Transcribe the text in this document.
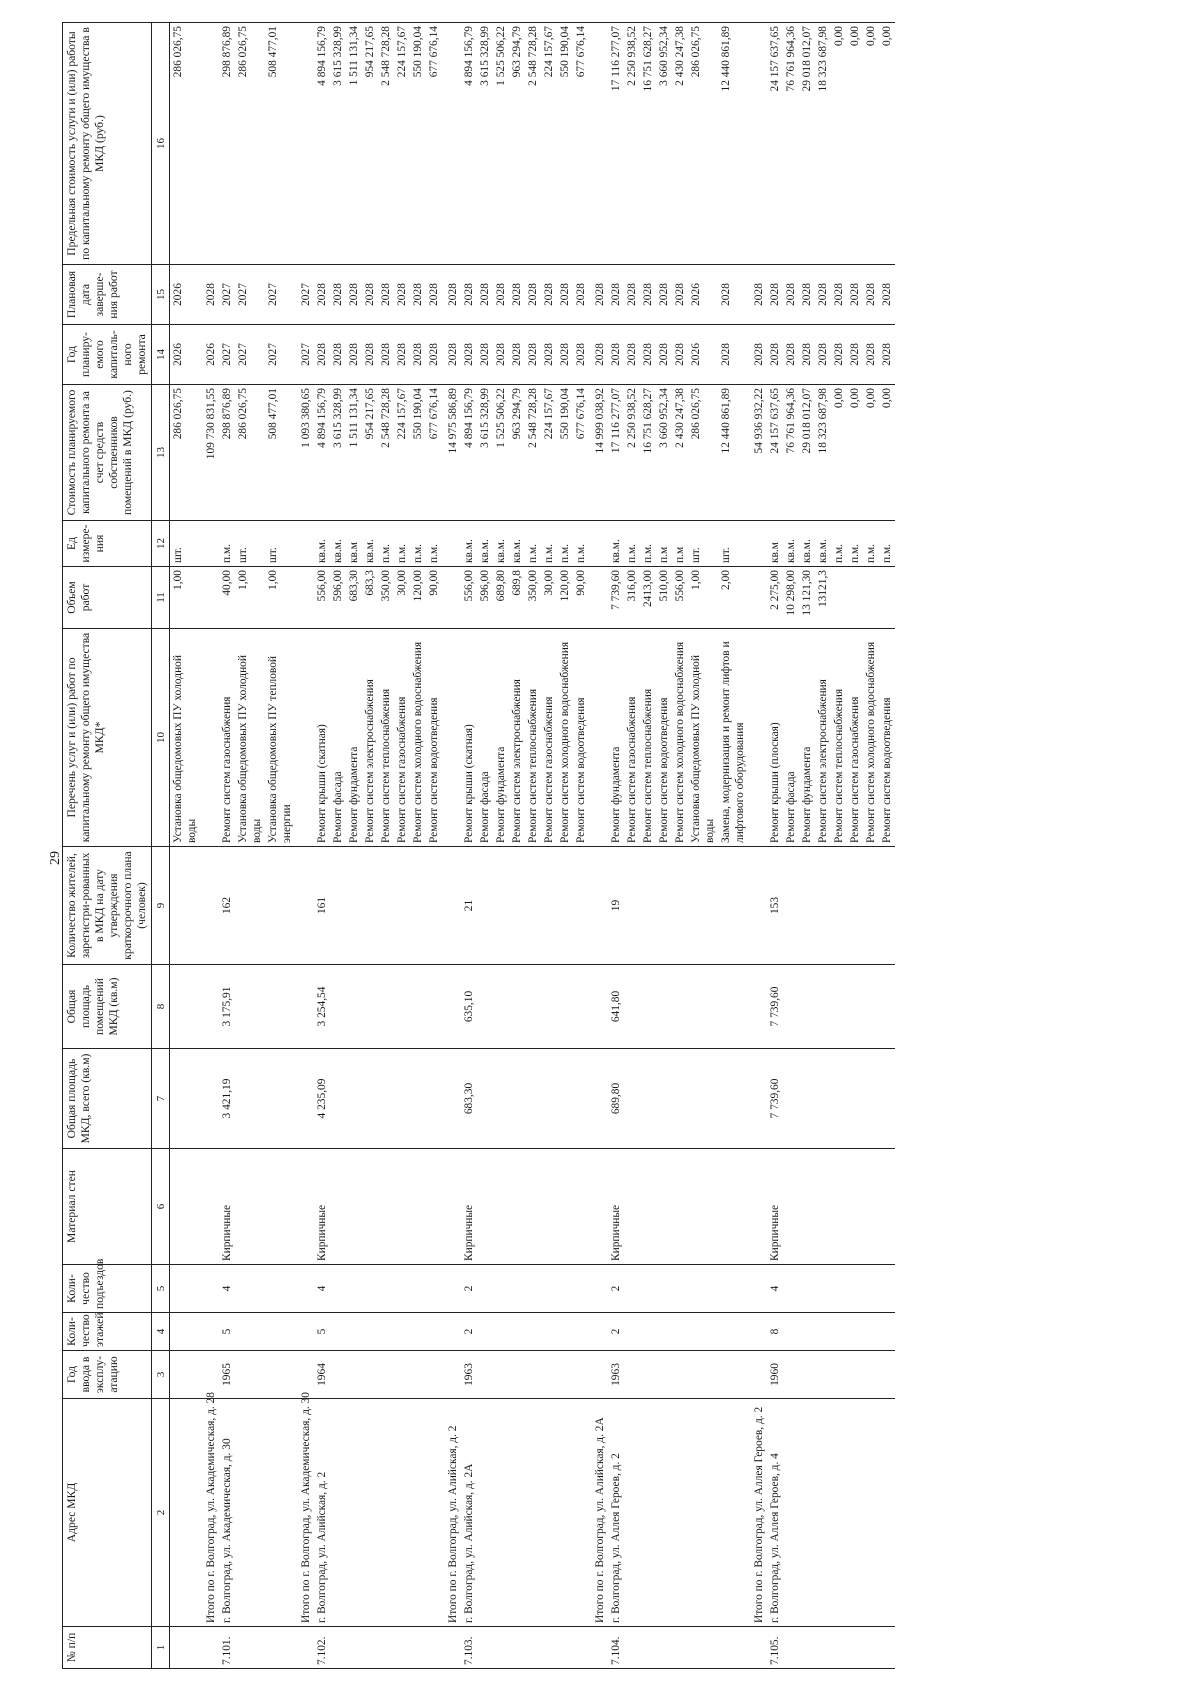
29
№ п/п	Адрес МКД	Год ввода в эксплу-атацию	Коли-чество этажей	Коли-чество подъездов	Материал стен	Общая площадь МКД, всего (кв.м)	Общая площадь помещений МКД (кв.м)	Количество жителей, зарегистри-рованных в МКД на дату утверждения краткосрочного плана (человек)	Перечень услуг и (или) работ по капитальному ремонту общего имущества МКД*	Объем работ	Ед измере-ния	Стоимость планируемого капитального ремонта за счет средств собственников помещений в МКД (руб.)	Год планиру-емого капиталь-ного ремонта	Плановая дата заверше-ния работ	Предельная стоимость услуги и (или) работы по капитальному ремонту общего имущества в МКД (руб.)
1	2	3	4	5	6	7	8	9	10	11	12	13	14	15	16
									Установка общедомовых ПУ холодной воды	1,00	шт.	286 026,75	2026	2026	286 026,75
	Итого по г. Волгоград, ул. Академическая, д. 28											109 730 831,55	2026	2028	
7.101.	г. Волгоград, ул. Академическая, д. 30	1965	5	4	Кирпичные	3 421,19	3 175,91	162	Ремонт систем газоснабжения	40,00	п.м.	298 876,89	2027	2027	298 876,89
									Установка общедомовых ПУ холодной воды	1,00	шт.	286 026,75	2027	2027	286 026,75
									Установка общедомовых ПУ тепловой энергии	1,00	шт.	508 477,01	2027	2027	508 477,01
	Итого по г. Волгоград, ул. Академическая, д. 30											1 093 380,65	2027	2027	
7.102.	г. Волгоград, ул. Алийская, д. 2	1964	5	4	Кирпичные	4 235,09	3 254,54	161	Ремонт крыши (скатная)	556,00	кв.м.	4 894 156,79	2028	2028	4 894 156,79
									Ремонт фасада	596,00	кв.м.	3 615 328,99	2028	2028	3 615 328,99
									Ремонт фундамента	683,30	кв.м	1 511 131,34	2028	2028	1 511 131,34
									Ремонт систем электроснабжения	683,3	кв.м.	954 217,65	2028	2028	954 217,65
									Ремонт систем теплоснабжения	350,00	п.м.	2 548 728,28	2028	2028	2 548 728,28
									Ремонт систем газоснабжения	30,00	п.м.	224 157,67	2028	2028	224 157,67
									Ремонт систем холодного водоснабжения	120,00	п.м.	550 190,04	2028	2028	550 190,04
									Ремонт систем водоотведения	90,00	п.м.	677 676,14	2028	2028	677 676,14
	Итого по г. Волгоград, ул. Алийская, д. 2											14 975 586,89	2028	2028	
7.103.	г. Волгоград, ул. Алийская, д. 2А	1963	2	2	Кирпичные	683,30	635,10	21	Ремонт крыши (скатная)	556,00	кв.м.	4 894 156,79	2028	2028	4 894 156,79
									Ремонт фасада	596,00	кв.м.	3 615 328,99	2028	2028	3 615 328,99
									Ремонт фундамента	689,80	кв.м.	1 525 506,22	2028	2028	1 525 506,22
									Ремонт систем электроснабжения	689,8	кв.м.	963 294,79	2028	2028	963 294,79
									Ремонт систем теплоснабжения	350,00	п.м.	2 548 728,28	2028	2028	2 548 728,28
									Ремонт систем газоснабжения	30,00	п.м.	224 157,67	2028	2028	224 157,67
									Ремонт систем холодного водоснабжения	120,00	п.м.	550 190,04	2028	2028	550 190,04
									Ремонт систем водоотведения	90,00	п.м.	677 676,14	2028	2028	677 676,14
	Итого по г. Волгоград, ул. Алийская, д. 2А											14 999 038,92	2028	2028	
7.104.	г. Волгоград, ул. Аллея Героев, д. 2	1963	2	2	Кирпичные	689,80	641,80	19	Ремонт фундамента	7 739,60	кв.м.	17 116 277,07	2028	2028	17 116 277,07
									Ремонт систем газоснабжения	316,00	п.м.	2 250 938,52	2028	2028	2 250 938,52
									Ремонт систем теплоснабжения	2413,00	п.м.	16 751 628,27	2028	2028	16 751 628,27
									Ремонт систем водоотведения	510,00	п.м	3 660 952,34	2028	2028	3 660 952,34
									Ремонт систем холодного водоснабжения	556,00	п.м	2 430 247,38	2028	2028	2 430 247,38
									Установка общедомовых ПУ холодной воды	1,00	шт.	286 026,75	2026	2026	286 026,75
									Замена, модернизация и ремонт лифтов и лифтового оборудования	2,00	шт.	12 440 861,89	2028	2028	12 440 861,89
	Итого по г. Волгоград, ул. Аллея Героев, д. 2											54 936 932,22	2028	2028	
7.105.	г. Волгоград, ул. Аллея Героев, д. 4	1960	8	4	Кирпичные	7 739,60	7 739,60	153	Ремонт крыши (плоская)	2 275,00	кв.м	24 157 637,65	2028	2028	24 157 637,65
									Ремонт фасада	10 298,00	кв.м.	76 761 964,36	2028	2028	76 761 964,36
									Ремонт фундамента	13 121,30	кв.м.	29 018 012,07	2028	2028	29 018 012,07
									Ремонт систем электроснабжения	13121,3	кв.м.	18 323 687,98	2028	2028	18 323 687,98
									Ремонт систем теплоснабжения		п.м.	0,00	2028	2028	0,00
									Ремонт систем газоснабжения		п.м.	0,00	2028	2028	0,00
									Ремонт систем холодного водоснабжения		п.м.	0,00	2028	2028	0,00
									Ремонт систем водоотведения		п.м.	0,00	2028	2028	0,00
